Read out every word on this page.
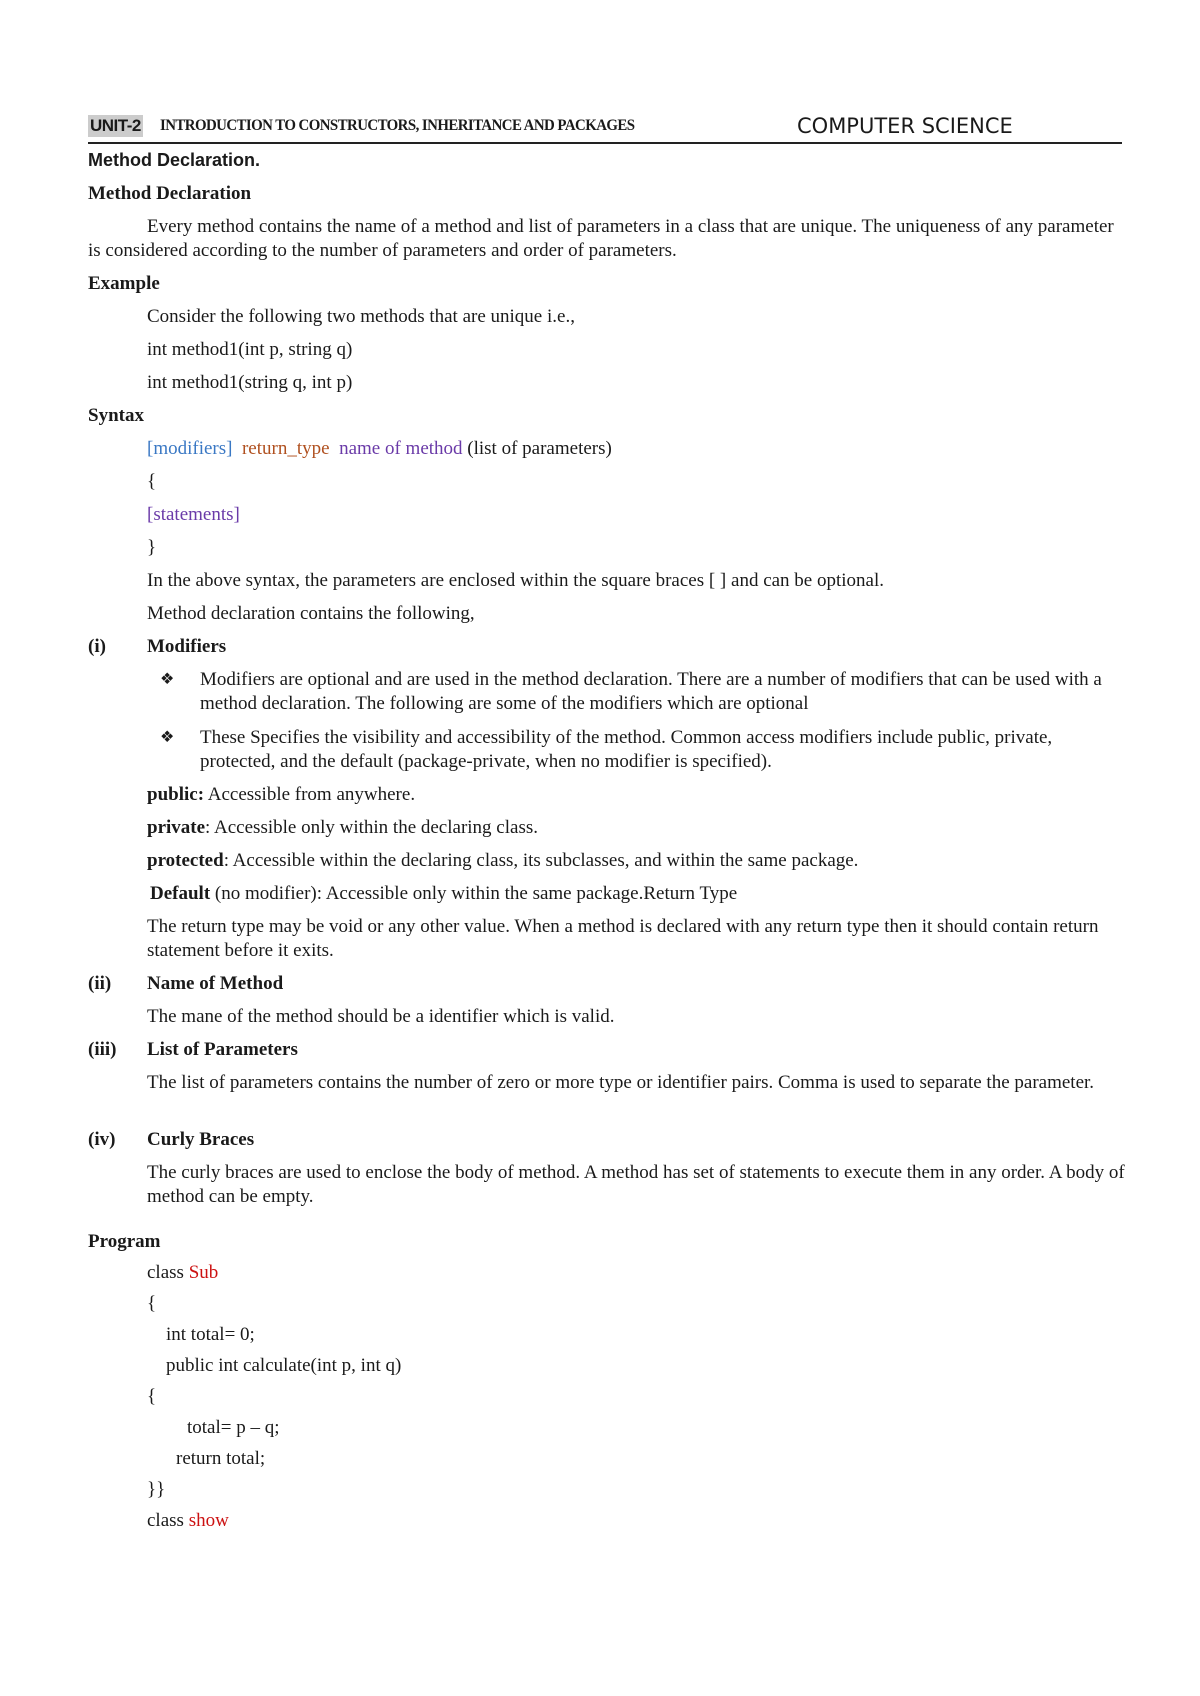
UNIT-2 INTRODUCTION TO CONSTRUCTORS, INHERITANCE AND PACKAGES	COMPUTER SCIENCE
Method Declaration.
Method Declaration
Every method contains the name of a method and list of parameters in a class that are unique. The uniqueness of any parameter is considered according to the number of parameters and order of parameters.
Example
Consider the following two methods that are unique i.e.,
int method1(int p, string q)
int method1(string q, int p)
Syntax
[modifiers] return_type name of method (list of parameters)
{
[statements]
}
In the above syntax, the parameters are enclosed within the square braces [ ] and can be optional.
Method declaration contains the following,
(i) Modifiers
❖ Modifiers are optional and are used in the method declaration. There are a number of modifiers that can be used with a method declaration. The following are some of the modifiers which are optional
❖ These Specifies the visibility and accessibility of the method. Common access modifiers include public, private, protected, and the default (package-private, when no modifier is specified).
public: Accessible from anywhere.
private: Accessible only within the declaring class.
protected: Accessible within the declaring class, its subclasses, and within the same package.
Default (no modifier): Accessible only within the same package.Return Type
The return type may be void or any other value. When a method is declared with any return type then it should contain return statement before it exits.
(ii) Name of Method
The mane of the method should be a identifier which is valid.
(iii) List of Parameters
The list of parameters contains the number of zero or more type or identifier pairs. Comma is used to separate the parameter.
(iv) Curly Braces
The curly braces are used to enclose the body of method. A method has set of statements to execute them in any order. A body of method can be empty.
Program
class Sub
{
int total= 0;
public int calculate(int p, int q)
{
total= p – q;
return total;
}}
class show
